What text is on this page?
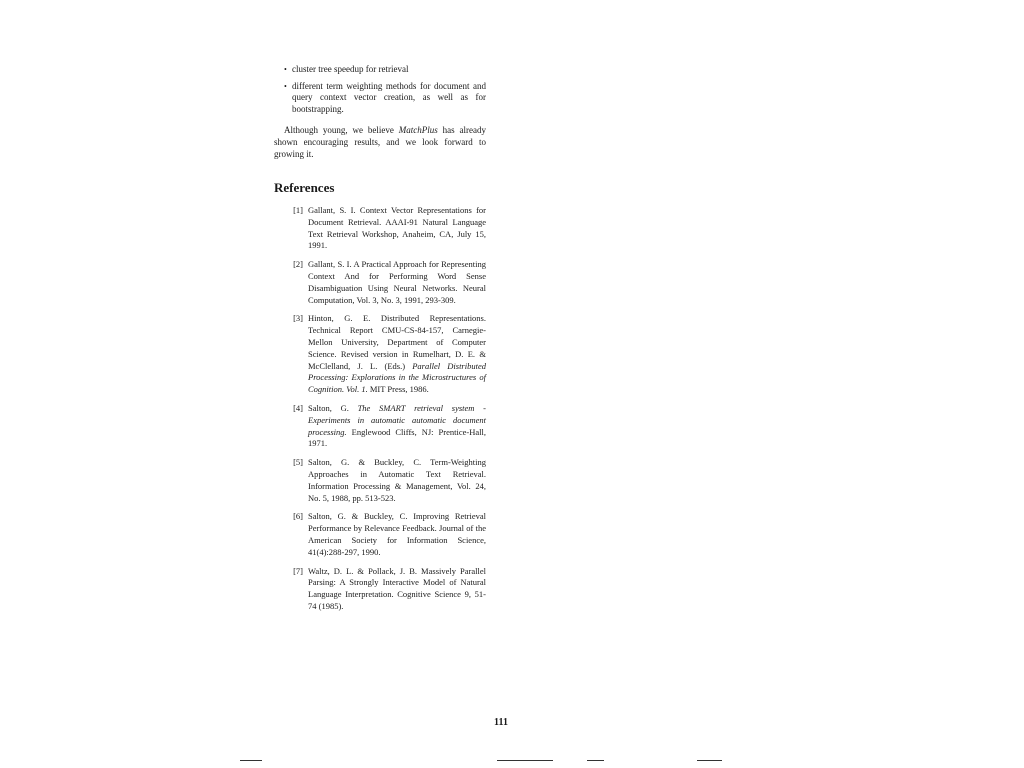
• cluster tree speedup for retrieval
• different term weighting methods for document and query context vector creation, as well as for bootstrapping.

Although young, we believe MatchPlus has already shown encouraging results, and we look forward to growing it.

References
[1] Gallant, S. I. Context Vector Representations for Document Retrieval. AAAI-91 Natural Language Text Retrieval Workshop, Anaheim, CA, July 15, 1991.
[2] Gallant, S. I. A Practical Approach for Representing Context And for Performing Word Sense Disambiguation Using Neural Networks. Neural Computation, Vol. 3, No. 3, 1991, 293-309.
[3] Hinton, G. E. Distributed Representations. Technical Report CMU-CS-84-157, Carnegie-Mellon University, Department of Computer Science. Revised version in Rumelhart, D. E. & McClelland, J. L. (Eds.) Parallel Distributed Processing: Explorations in the Microstructures of Cognition. Vol. 1. MIT Press, 1986.
[4] Salton, G. The SMART retrieval system - Experiments in automatic automatic document processing. Englewood Cliffs, NJ: Prentice-Hall, 1971.
[5] Salton, G. & Buckley, C. Term-Weighting Approaches in Automatic Text Retrieval. Information Processing & Management, Vol. 24, No. 5, 1988, pp. 513-523.
[6] Salton, G. & Buckley, C. Improving Retrieval Performance by Relevance Feedback. Journal of the American Society for Information Science, 41(4):288-297, 1990.
[7] Waltz, D. L. & Pollack, J. B. Massively Parallel Parsing: A Strongly Interactive Model of Natural Language Interpretation. Cognitive Science 9, 51-74 (1985).
111
